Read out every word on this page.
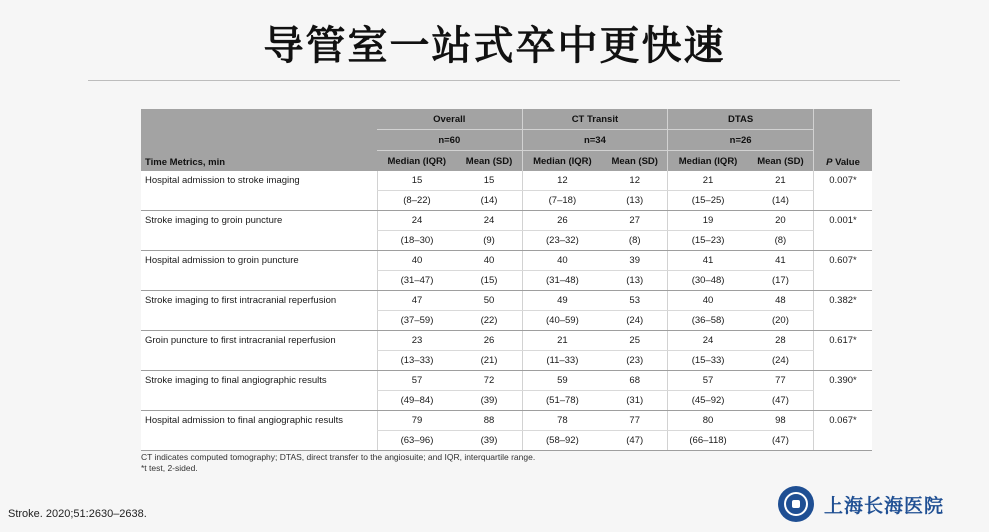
导管室一站式卒中更快速
Time Metrics, min	Overall		CT Transit		DTAS		P Value
	n=60		n=34		n=26		
	Median (IQR)	Mean (SD)	Median (IQR)	Mean (SD)	Median (IQR)	Mean (SD)	
Hospital admission to stroke imaging	15	15	12	12	21	21	0.007*
	(8–22)	(14)	(7–18)	(13)	(15–25)	(14)	
Stroke imaging to groin puncture	24	24	26	27	19	20	0.001*
	(18–30)	(9)	(23–32)	(8)	(15–23)	(8)	
Hospital admission to groin puncture	40	40	40	39	41	41	0.607*
	(31–47)	(15)	(31–48)	(13)	(30–48)	(17)	
Stroke imaging to first intracranial reperfusion	47	50	49	53	40	48	0.382*
	(37–59)	(22)	(40–59)	(24)	(36–58)	(20)	
Groin puncture to first intracranial reperfusion	23	26	21	25	24	28	0.617*
	(13–33)	(21)	(11–33)	(23)	(15–33)	(24)	
Stroke imaging to final angiographic results	57	72	59	68	57	77	0.390*
	(49–84)	(39)	(51–78)	(31)	(45–92)	(47)	
Hospital admission to final angiographic results	79	88	78	77	80	98	0.067*
	(63–96)	(39)	(58–92)	(47)	(66–118)	(47)	
CT indicates computed tomography; DTAS, direct transfer to the angiosuite; and IQR, interquartile range.
*t test, 2-sided.
Stroke. 2020;51:2630–2638.	上海长海医院
